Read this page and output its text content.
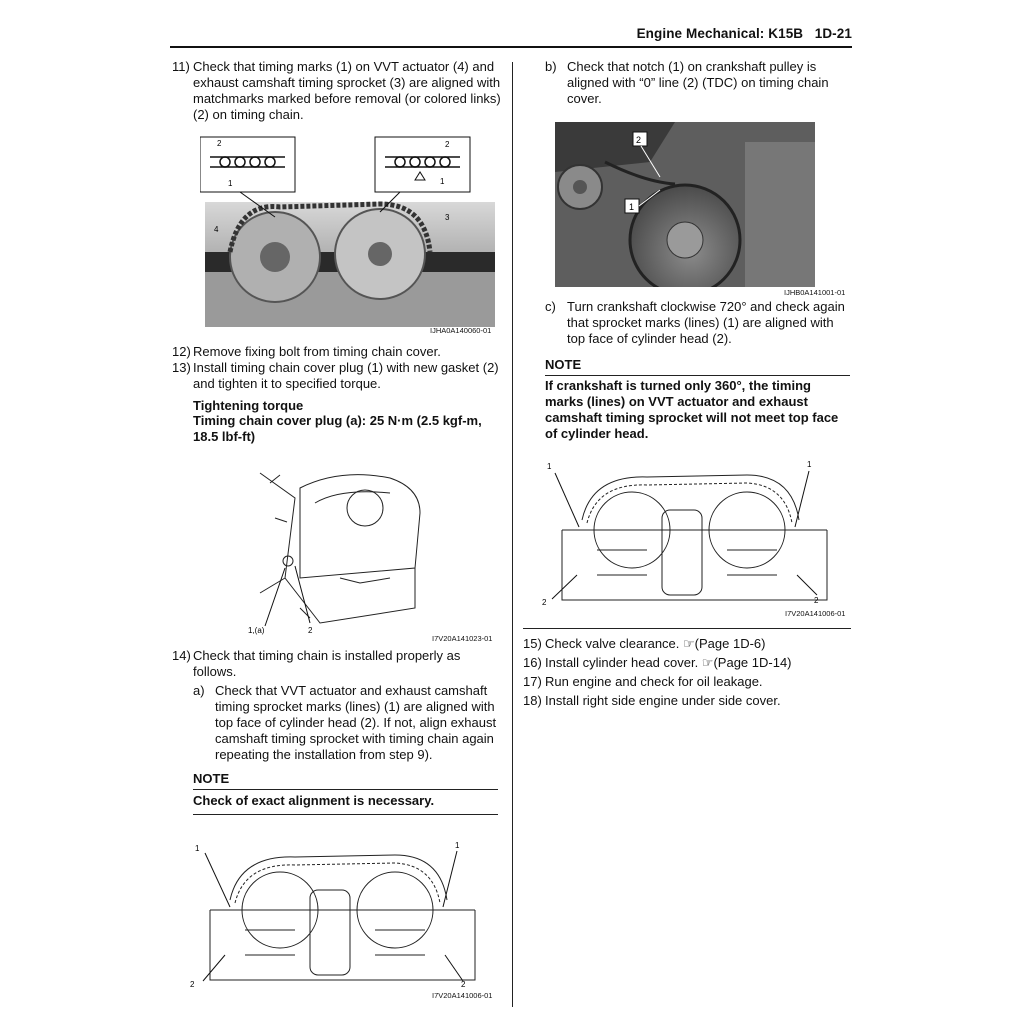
Engine Mechanical: K15B 1D-21
11) Check that timing marks (1) on VVT actuator (4) and exhaust camshaft timing sprocket (3) are aligned with matchmarks marked before removal (or colored links) (2) on timing chain.
2
1
2
1
3
4
IJHA0A140060-01
12) Remove fixing bolt from timing chain cover.
13) Install timing chain cover plug (1) with new gasket (2) and tighten it to specified torque.
Tightening torque
Timing chain cover plug (a): 25 N·m (2.5 kgf-m, 18.5 lbf-ft)
1,(a)	2
I7V20A141023-01
14) Check that timing chain is installed properly as follows.
a) Check that VVT actuator and exhaust camshaft timing sprocket marks (lines) (1) are aligned with top face of cylinder head (2). If not, align exhaust camshaft timing sprocket with timing chain again repeating the installation from step 9).
NOTE
Check of exact alignment is necessary.
1	1
2	2
I7V20A141006-01
b) Check that notch (1) on crankshaft pulley is aligned with “0” line (2) (TDC) on timing chain cover.
2
1
IJHB0A141001-01
c) Turn crankshaft clockwise 720° and check again that sprocket marks (lines) (1) are aligned with top face of cylinder head (2).
NOTE
If crankshaft is turned only 360°, the timing marks (lines) on VVT actuator and exhaust camshaft timing sprocket will not meet top face of cylinder head.
1	1
2	2
I7V20A141006-01
15) Check valve clearance. ☞(Page 1D-6)
16) Install cylinder head cover. ☞(Page 1D-14)
17) Run engine and check for oil leakage.
18) Install right side engine under side cover.
